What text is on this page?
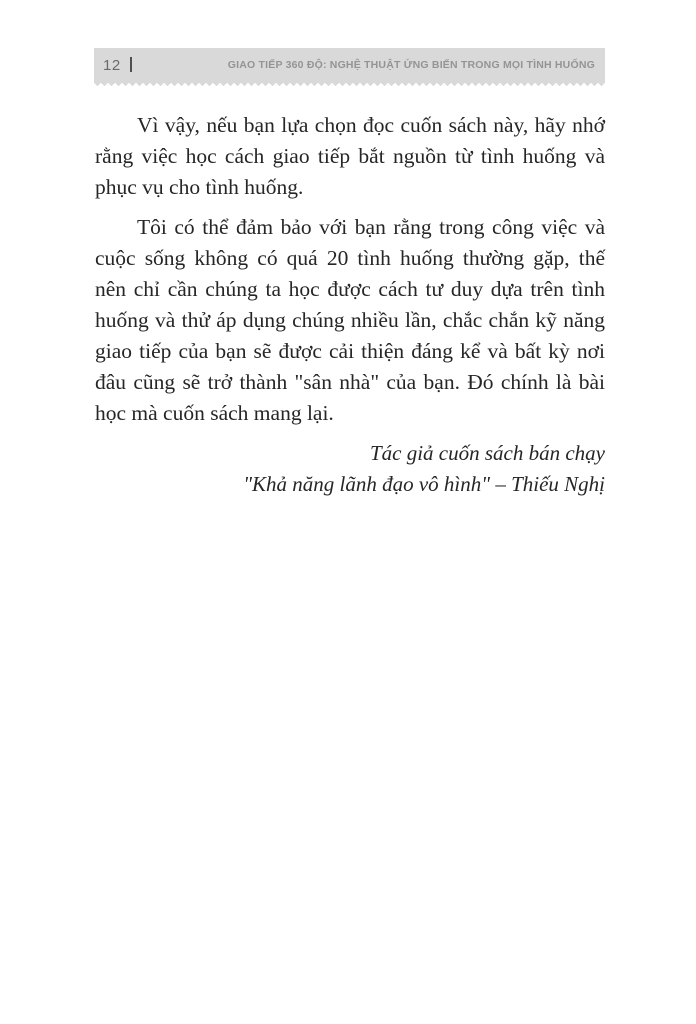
12	GIAO TIẾP 360 ĐỘ: NGHỆ THUẬT ỨNG BIẾN TRONG MỌI TÌNH HUỐNG
Vì vậy, nếu bạn lựa chọn đọc cuốn sách này, hãy nhớ
rằng việc học cách giao tiếp bắt nguồn từ tình huống và
phục vụ cho tình huống.
Tôi có thể đảm bảo với bạn rằng trong công việc và
cuộc sống không có quá 20 tình huống thường gặp, thế
nên chỉ cần chúng ta học được cách tư duy dựa trên tình
huống và thử áp dụng chúng nhiều lần, chắc chắn kỹ năng
giao tiếp của bạn sẽ được cải thiện đáng kể và bất kỳ nơi
đâu cũng sẽ trở thành "sân nhà" của bạn. Đó chính là bài
học mà cuốn sách mang lại.
Tác giả cuốn sách bán chạy
"Khả năng lãnh đạo vô hình" – Thiếu Nghị
